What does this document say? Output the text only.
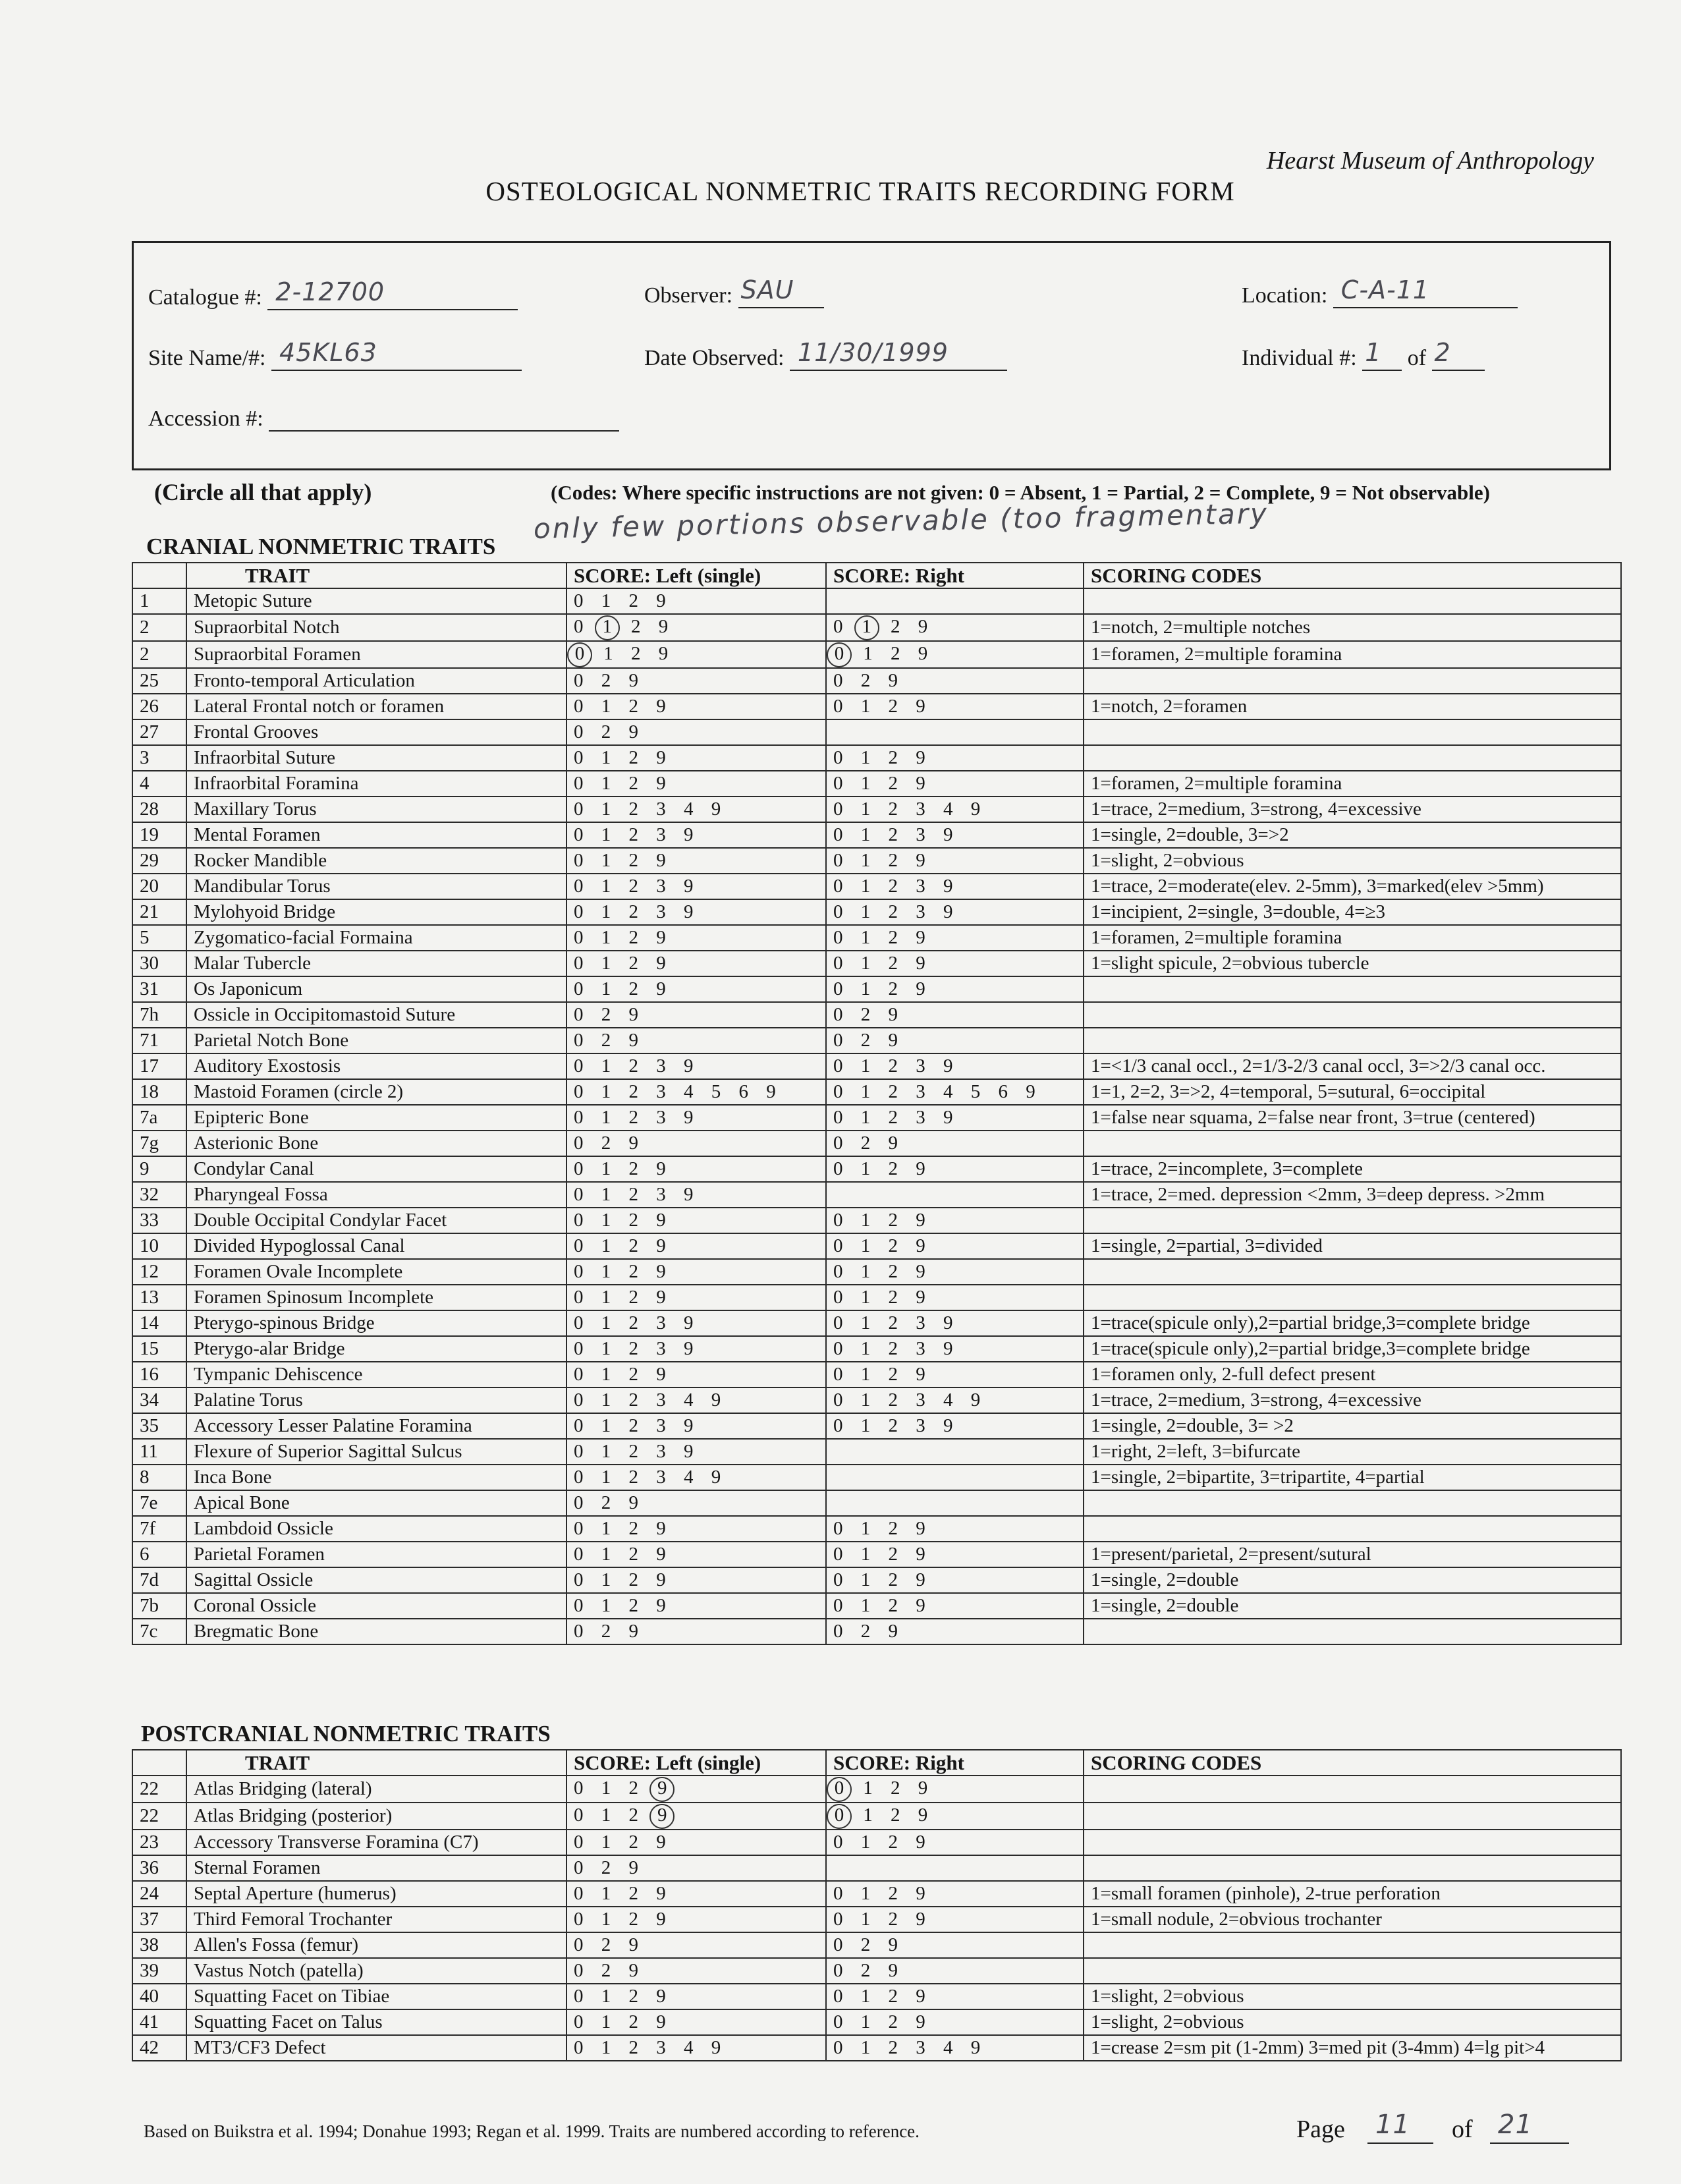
Hearst Museum of Anthropology
OSTEOLOGICAL NONMETRIC TRAITS RECORDING FORM
Catalogue #: 2-12700	Observer: SAU	Location: C-A-11
Site Name/#: 45KL63	Date Observed: 11/30/1999	Individual #: 1 of 2
Accession #:
(Circle all that apply)	(Codes: Where specific instructions are not given: 0 = Absent, 1 = Partial, 2 = Complete, 9 = Not observable)
CRANIAL NONMETRIC TRAITS
only few portions observable (too fragmentary
	TRAIT	SCORE: Left (single)	SCORE: Right	SCORING CODES
1	Metopic Suture	0 1 2 9		
2	Supraorbital Notch	0 1 2 9	0 1 2 9	1=notch, 2=multiple notches
2	Supraorbital Foramen	0 1 2 9	0 1 2 9	1=foramen, 2=multiple foramina
25	Fronto-temporal Articulation	0 2 9	0 2 9	
26	Lateral Frontal notch or foramen	0 1 2 9	0 1 2 9	1=notch, 2=foramen
27	Frontal Grooves	0 2 9		
3	Infraorbital Suture	0 1 2 9	0 1 2 9	
4	Infraorbital Foramina	0 1 2 9	0 1 2 9	1=foramen, 2=multiple foramina
28	Maxillary Torus	0 1 2 3 4 9	0 1 2 3 4 9	1=trace, 2=medium, 3=strong, 4=excessive
19	Mental Foramen	0 1 2 3 9	0 1 2 3 9	1=single, 2=double, 3=>2
29	Rocker Mandible	0 1 2 9	0 1 2 9	1=slight, 2=obvious
20	Mandibular Torus	0 1 2 3 9	0 1 2 3 9	1=trace, 2=moderate(elev. 2-5mm), 3=marked(elev >5mm)
21	Mylohyoid Bridge	0 1 2 3 9	0 1 2 3 9	1=incipient, 2=single, 3=double, 4=≥3
5	Zygomatico-facial Formaina	0 1 2 9	0 1 2 9	1=foramen, 2=multiple foramina
30	Malar Tubercle	0 1 2 9	0 1 2 9	1=slight spicule, 2=obvious tubercle
31	Os Japonicum	0 1 2 9	0 1 2 9	
7h	Ossicle in Occipitomastoid Suture	0 2 9	0 2 9	
71	Parietal Notch Bone	0 2 9	0 2 9	
17	Auditory Exostosis	0 1 2 3 9	0 1 2 3 9	1=<1/3 canal occl., 2=1/3-2/3 canal occl, 3=>2/3 canal occ.
18	Mastoid Foramen (circle 2)	0 1 2 3 4 5 6 9	0 1 2 3 4 5 6 9	1=1, 2=2, 3=>2, 4=temporal, 5=sutural, 6=occipital
7a	Epipteric Bone	0 1 2 3 9	0 1 2 3 9	1=false near squama, 2=false near front, 3=true (centered)
7g	Asterionic Bone	0 2 9	0 2 9	
9	Condylar Canal	0 1 2 9	0 1 2 9	1=trace, 2=incomplete, 3=complete
32	Pharyngeal Fossa	0 1 2 3 9		1=trace, 2=med. depression <2mm, 3=deep depress. >2mm
33	Double Occipital Condylar Facet	0 1 2 9	0 1 2 9	
10	Divided Hypoglossal Canal	0 1 2 9	0 1 2 9	1=single, 2=partial, 3=divided
12	Foramen Ovale Incomplete	0 1 2 9	0 1 2 9	
13	Foramen Spinosum Incomplete	0 1 2 9	0 1 2 9	
14	Pterygo-spinous Bridge	0 1 2 3 9	0 1 2 3 9	1=trace(spicule only),2=partial bridge,3=complete bridge
15	Pterygo-alar Bridge	0 1 2 3 9	0 1 2 3 9	1=trace(spicule only),2=partial bridge,3=complete bridge
16	Tympanic Dehiscence	0 1 2 9	0 1 2 9	1=foramen only, 2-full defect present
34	Palatine Torus	0 1 2 3 4 9	0 1 2 3 4 9	1=trace, 2=medium, 3=strong, 4=excessive
35	Accessory Lesser Palatine Foramina	0 1 2 3 9	0 1 2 3 9	1=single, 2=double, 3= >2
11	Flexure of Superior Sagittal Sulcus	0 1 2 3 9		1=right, 2=left, 3=bifurcate
8	Inca Bone	0 1 2 3 4 9		1=single, 2=bipartite, 3=tripartite, 4=partial
7e	Apical Bone	0 2 9		
7f	Lambdoid Ossicle	0 1 2 9	0 1 2 9	
6	Parietal Foramen	0 1 2 9	0 1 2 9	1=present/parietal, 2=present/sutural
7d	Sagittal Ossicle	0 1 2 9	0 1 2 9	1=single, 2=double
7b	Coronal Ossicle	0 1 2 9	0 1 2 9	1=single, 2=double
7c	Bregmatic Bone	0 2 9	0 2 9	
POSTCRANIAL NONMETRIC TRAITS
	TRAIT	SCORE: Left (single)	SCORE: Right	SCORING CODES
22	Atlas Bridging (lateral)	0 1 2 9	0 1 2 9	
22	Atlas Bridging (posterior)	0 1 2 9	0 1 2 9	
23	Accessory Transverse Foramina (C7)	0 1 2 9	0 1 2 9	
36	Sternal Foramen	0 2 9		
24	Septal Aperture (humerus)	0 1 2 9	0 1 2 9	1=small foramen (pinhole), 2-true perforation
37	Third Femoral Trochanter	0 1 2 9	0 1 2 9	1=small nodule, 2=obvious trochanter
38	Allen's Fossa (femur)	0 2 9	0 2 9	
39	Vastus Notch (patella)	0 2 9	0 2 9	
40	Squatting Facet on Tibiae	0 1 2 9	0 1 2 9	1=slight, 2=obvious
41	Squatting Facet on Talus	0 1 2 9	0 1 2 9	1=slight, 2=obvious
42	MT3/CF3 Defect	0 1 2 3 4 9	0 1 2 3 4 9	1=crease 2=sm pit (1-2mm) 3=med pit (3-4mm) 4=lg pit>4
Based on Buikstra et al. 1994; Donahue 1993; Regan et al. 1999. Traits are numbered according to reference.	Page 11 of 21
